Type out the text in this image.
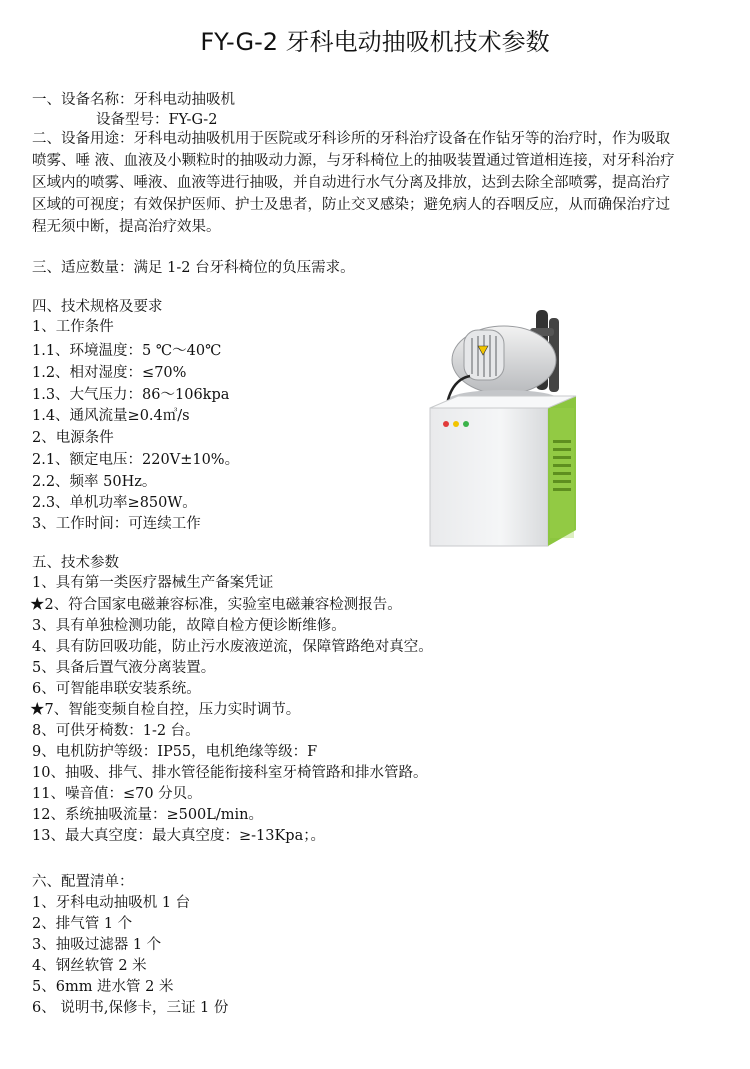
FY-G-2 牙科电动抽吸机技术参数
一、设备名称：牙科电动抽吸机
设备型号：FY-G-2
二、设备用途：牙科电动抽吸机用于医院或牙科诊所的牙科治疗设备在作钻牙等的治疗时，作为吸取喷雾、唾 液、血液及小颗粒时的抽吸动力源，与牙科椅位上的抽吸装置通过管道相连接，对牙科治疗区域内的喷雾、唾液、血液等进行抽吸，并自动进行水气分离及排放，达到去除全部喷雾，提高治疗区域的可视度；有效保护医师、护士及患者，防止交叉感染；避免病人的吞咽反应，从而确保治疗过程无须中断，提高治疗效果。
三、适应数量：满足 1-2 台牙科椅位的负压需求。
四、技术规格及要求
1、工作条件
1.1、环境温度：5 ℃～40℃
1.2、相对湿度：≤70%
1.3、大气压力：86～106kpa
1.4、通风流量≥0.4㎥/s
2、电源条件
2.1、额定电压：220V±10%。
2.2、频率 50Hz。
2.3、单机功率≥850W。
3、工作时间：可连续工作
五、技术参数
1、具有第一类医疗器械生产备案凭证
★2、符合国家电磁兼容标准，实验室电磁兼容检测报告。
3、具有单独检测功能，故障自检方便诊断维修。
4、具有防回吸功能，防止污水废液逆流，保障管路绝对真空。
5、具备后置气液分离装置。
6、可智能串联安装系统。
★7、智能变频自检自控，压力实时调节。
8、可供牙椅数：1-2 台。
9、电机防护等级：IP55，电机绝缘等级：F
10、抽吸、排气、排水管径能衔接科室牙椅管路和排水管路。
11、噪音值：≤70 分贝。
12、系统抽吸流量：≥500L/min。
13、最大真空度：最大真空度：≥-13Kpa；。
六、配置清单：
1、牙科电动抽吸机 1 台
2、排气管 1 个
3、抽吸过滤器 1 个
4、钢丝软管 2 米
5、6mm 进水管 2 米
6、 说明书,保修卡，三证 1 份
